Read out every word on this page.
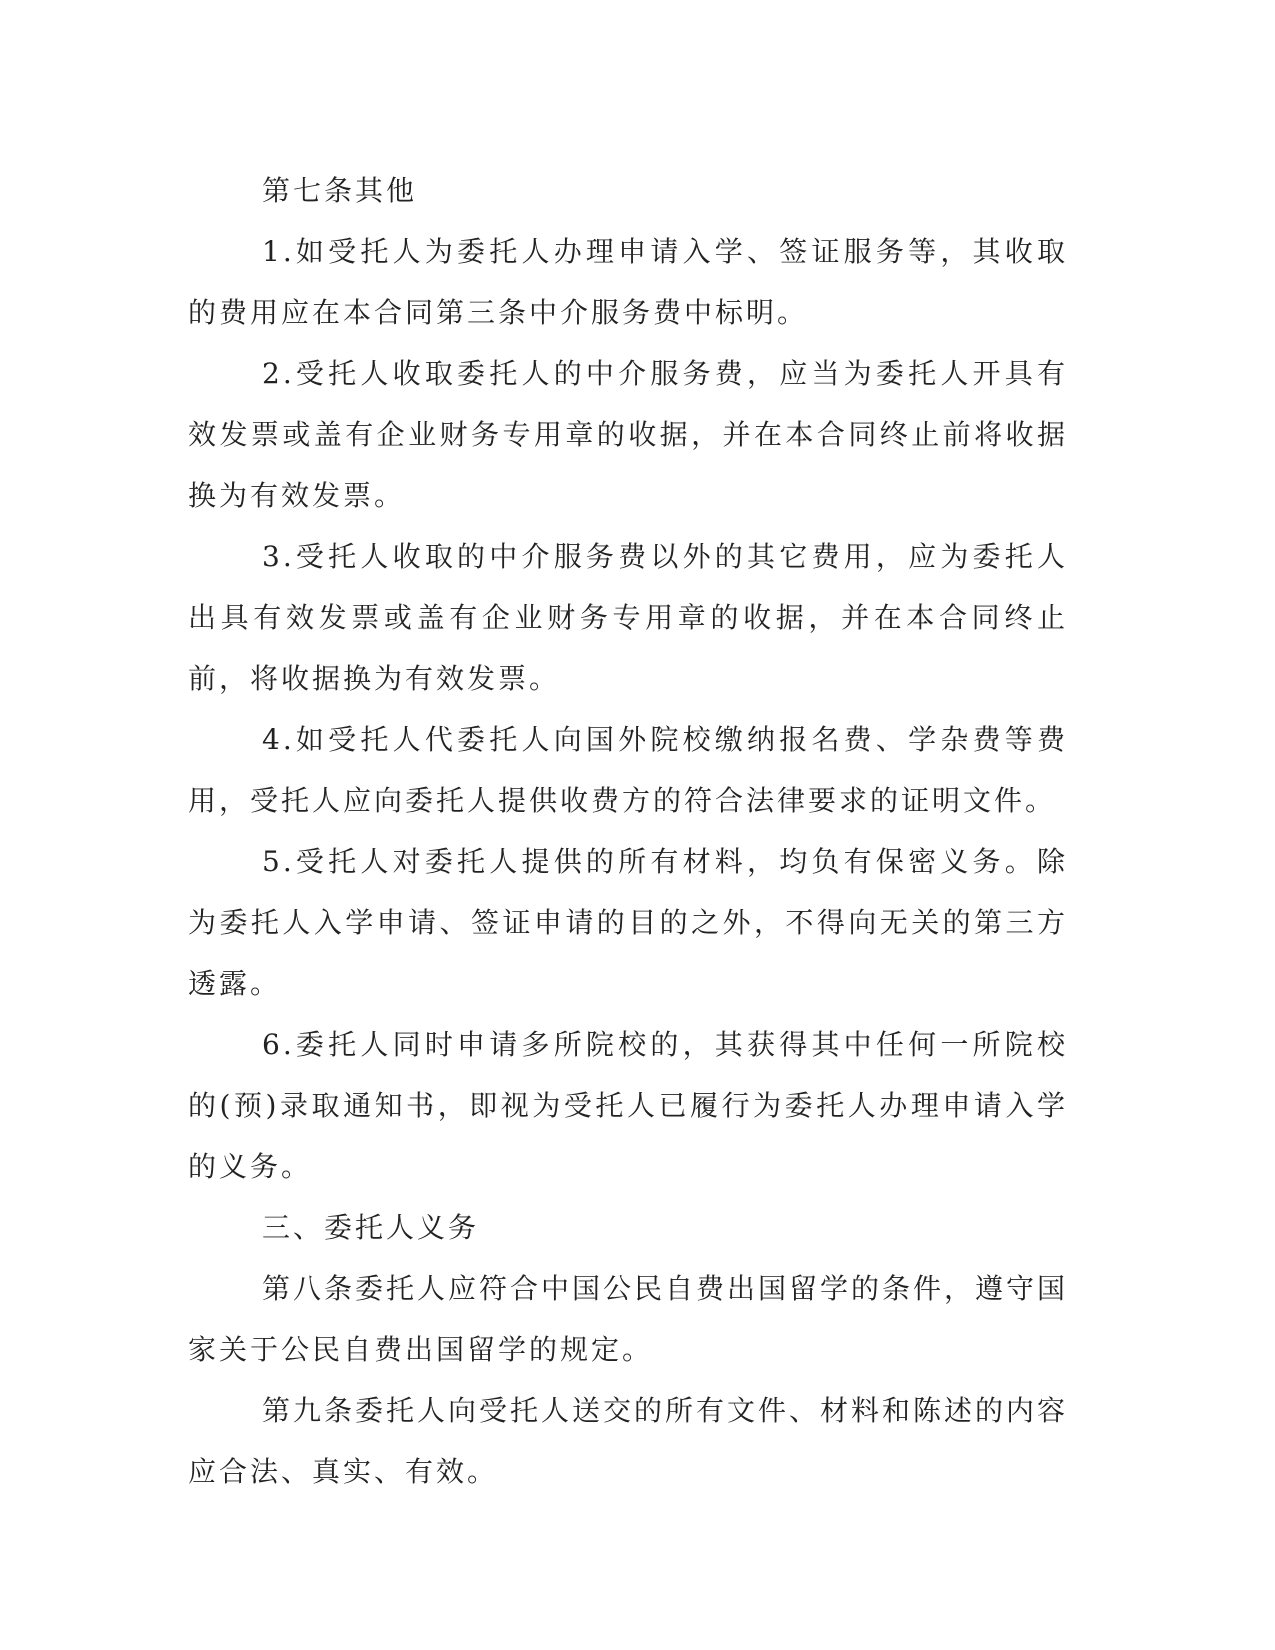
第七条其他

1.如受托人为委托人办理申请入学、签证服务等，其收取的费用应在本合同第三条中介服务费中标明。

2.受托人收取委托人的中介服务费，应当为委托人开具有效发票或盖有企业财务专用章的收据，并在本合同终止前将收据换为有效发票。

3.受托人收取的中介服务费以外的其它费用，应为委托人出具有效发票或盖有企业财务专用章的收据，并在本合同终止前，将收据换为有效发票。

4.如受托人代委托人向国外院校缴纳报名费、学杂费等费用，受托人应向委托人提供收费方的符合法律要求的证明文件。

5.受托人对委托人提供的所有材料，均负有保密义务。除为委托人入学申请、签证申请的目的之外，不得向无关的第三方透露。

6.委托人同时申请多所院校的，其获得其中任何一所院校的(预)录取通知书，即视为受托人已履行为委托人办理申请入学的义务。

三、委托人义务

第八条委托人应符合中国公民自费出国留学的条件，遵守国家关于公民自费出国留学的规定。

第九条委托人向受托人送交的所有文件、材料和陈述的内容应合法、真实、有效。
